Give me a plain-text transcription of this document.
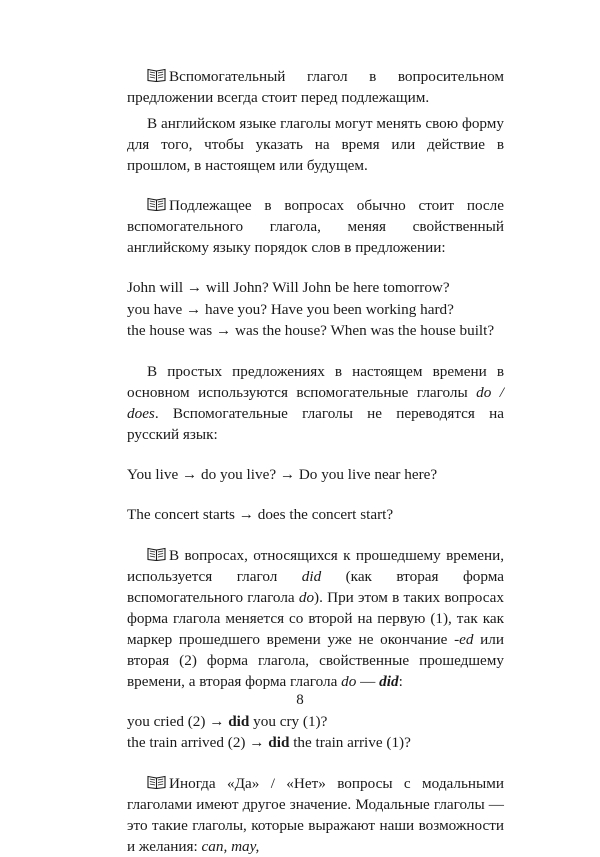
Вспомогательный глагол в вопросительном предложении всегда стоит перед подлежащим.

В английском языке глаголы могут менять свою форму для того, чтобы указать на время или действие в прошлом, в настоящем или будущем.

Подлежащее в вопросах обычно стоит после вспомогательного глагола, меняя свойственный английскому языку порядок слов в предложении:

John will → will John? Will John be here tomorrow?

you have → have you? Have you been working hard?

the house was → was the house? When was the house built?

В простых предложениях в настоящем времени в основном используются вспомогательные глаголы do / does. Вспомогательные глаголы не переводятся на русский язык:

You live → do you live? → Do you live near here?

The concert starts → does the concert start?

В вопросах, относящихся к прошедшему времени, используется глагол did (как вторая форма вспомогательного глагола do). При этом в таких вопросах форма глагола меняется со второй на первую (1), так как маркер прошедшего времени уже не окончание -ed или вторая (2) форма глагола, свойственные прошедшему времени, а вторая форма глагола do — did:

you cried (2) → did you cry (1)?

the train arrived (2) → did the train arrive (1)?

Иногда «Да» / «Нет» вопросы с модальными глаголами имеют другое значение. Модальные глаголы — это такие глаголы, которые выражают наши возможности и желания: can, may,

8
